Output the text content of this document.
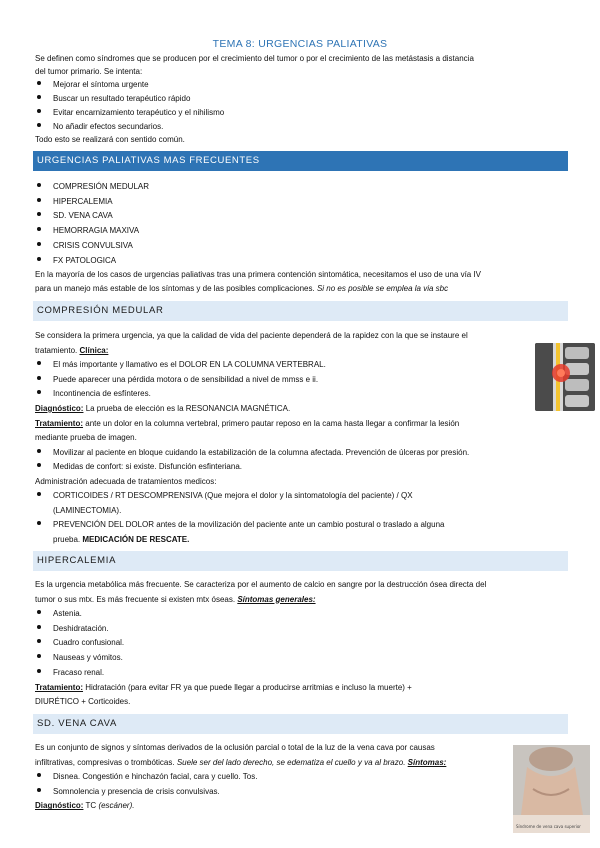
TEMA 8: URGENCIAS PALIATIVAS

Se definen como síndromes que se producen por el crecimiento del tumor o por el crecimiento de las metástasis a distancia
del tumor primario. Se intenta:

Mejorar el síntoma urgente
Buscar un resultado terapéutico rápido
Evitar encarnizamiento terapéutico y el nihilismo
No añadir efectos secundarios.

Todo esto se realizará con sentido común.

URGENCIAS PALIATIVAS MAS FRECUENTES
COMPRESIÓN MEDULAR
HIPERCALEMIA
SD. VENA CAVA
HEMORRAGIA MAXIVA
CRISIS CONVULSIVA
FX PATOLOGICA

En la mayoría de los casos de urgencias paliativas tras una primera contención sintomática, necesitamos el uso de una vía IV
para un manejo más estable de los síntomas y de las posibles complicaciones. Si no es posible se emplea la via sbc

COMPRESIÓN MEDULAR

Se considera la primera urgencia, ya que la calidad de vida del paciente dependerá de la rapidez con la que se instaure el
tratamiento. Clínica:

El más importante y llamativo es el DOLOR EN LA COLUMNA VERTEBRAL.
Puede aparecer una pérdida motora o de sensibilidad a nivel de mmss e ii.
Incontinencia de esfínteres.

Diagnóstico: La prueba de elección es la RESONANCIA MAGNÉTICA.
Tratamiento: ante un dolor en la columna vertebral, primero pautar reposo en la cama hasta llegar a confirmar la lesión
mediante prueba de imagen.

Movilizar al paciente en bloque cuidando la estabilización de la columna afectada. Prevención de úlceras por presión.
Medidas de confort: si existe. Disfunción esfinteriana.

Administración adecuada de tratamientos medicos:

CORTICOIDES / RT DESCOMPRENSIVA (Que mejora el dolor y la sintomatología del paciente) / QX
(LAMINECTOMIA).
PREVENCIÓN DEL DOLOR antes de la movilización del paciente ante un cambio postural o traslado a alguna
prueba. MEDICACIÓN DE RESCATE.
HIPERCALEMIA

Es la urgencia metabólica más frecuente. Se caracteriza por el aumento de calcio en sangre por la destrucción ósea directa del
tumor o sus mtx. Es más frecuente si existen mtx óseas. Síntomas generales:

Astenia.
Deshidratación.
Cuadro confusional.
Nauseas y vómitos.
Fracaso renal.

Tratamiento: Hidratación (para evitar FR ya que puede llegar a producirse arritmias e incluso la muerte) +
DIURÉTICO + Corticoides.

SD. VENA CAVA

Es un conjunto de signos y síntomas derivados de la oclusión parcial o total de la luz de la vena cava por causas
infiltrativas, compresivas o trombóticas. Suele ser del lado derecho, se edematiza el cuello y va al brazo. Síntomas:

Disnea. Congestión e hinchazón facial, cara y cuello. Tos.
Somnolencia y presencia de crisis convulsivas.

Diagnóstico: TC (escáner).

Síndrome de vena cava superior
